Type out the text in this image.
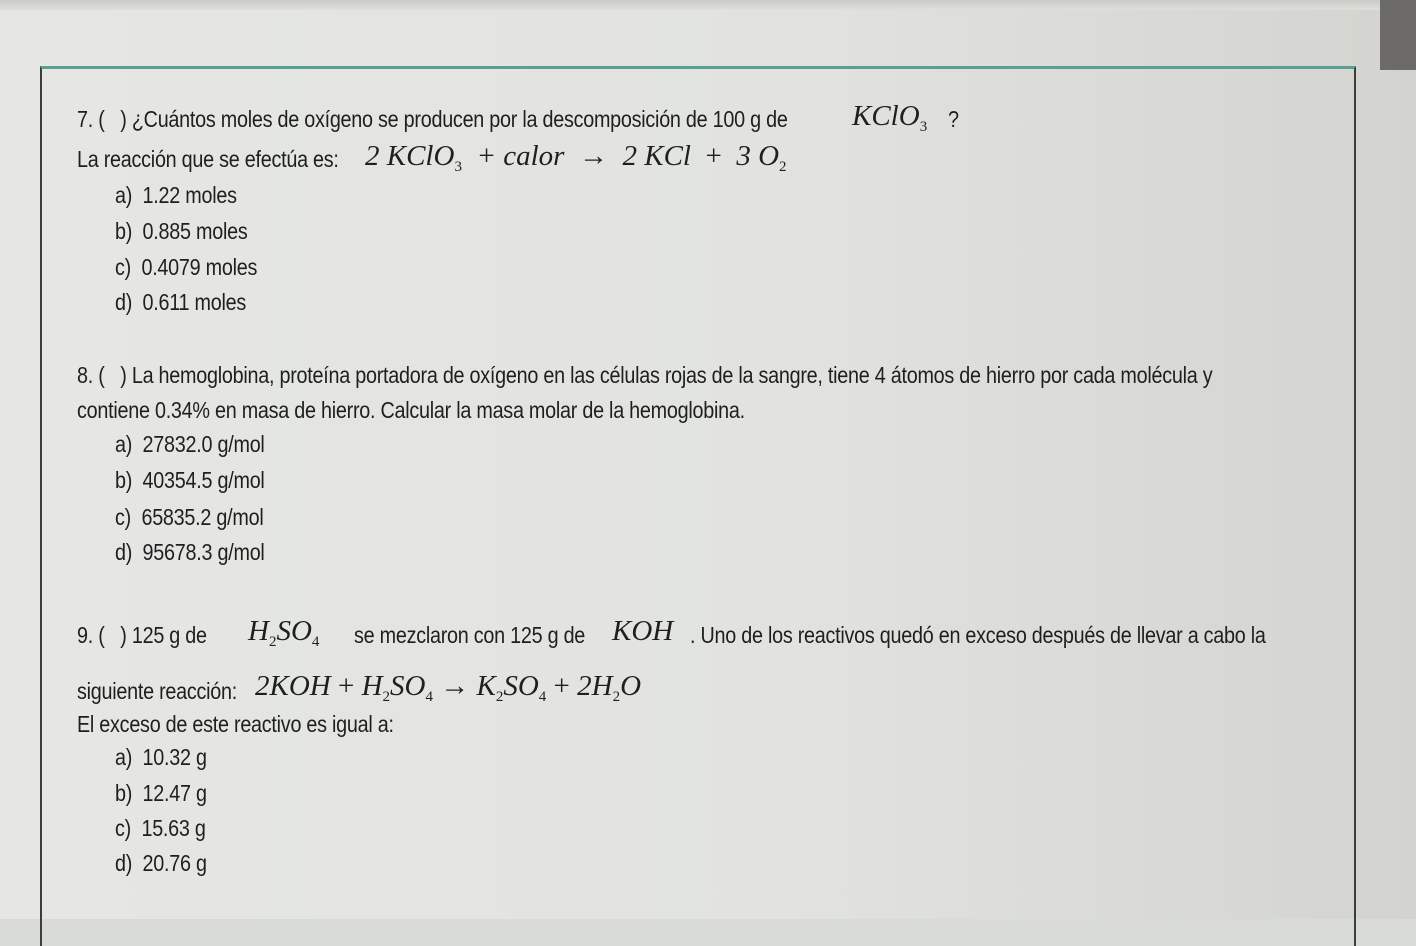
7. ( ) ¿Cuántos moles de oxígeno se producen por la descomposición de 100 g de KClO$_3$ ?
La reacción que se efectúa es: 2 KClO$_3$ + calor → 2 KCl + 3 $O_2$
a) 1.22 moles
b) 0.885 moles
c) 0.4079 moles
d) 0.611 moles
8. ( ) La hemoglobina, proteína portadora de oxígeno en las células rojas de la sangre, tiene 4 átomos de hierro por cada molécula y
contiene 0.34% en masa de hierro. Calcular la masa molar de la hemoglobina.
a) 27832.0 g/mol
b) 40354.5 g/mol
c) 65835.2 g/mol
d) 95678.3 g/mol
9. ( ) 125 g de $H_2SO_4$ se mezclaron con 125 g de KOH . Uno de los reactivos quedó en exceso después de llevar a cabo la
siguiente reacción: $2KOH + H_2SO_4 \to K_2SO_4 + 2H_2O$
El exceso de este reactivo es igual a:
a) 10.32 g
b) 12.47 g
c) 15.63 g
d) 20.76 g
